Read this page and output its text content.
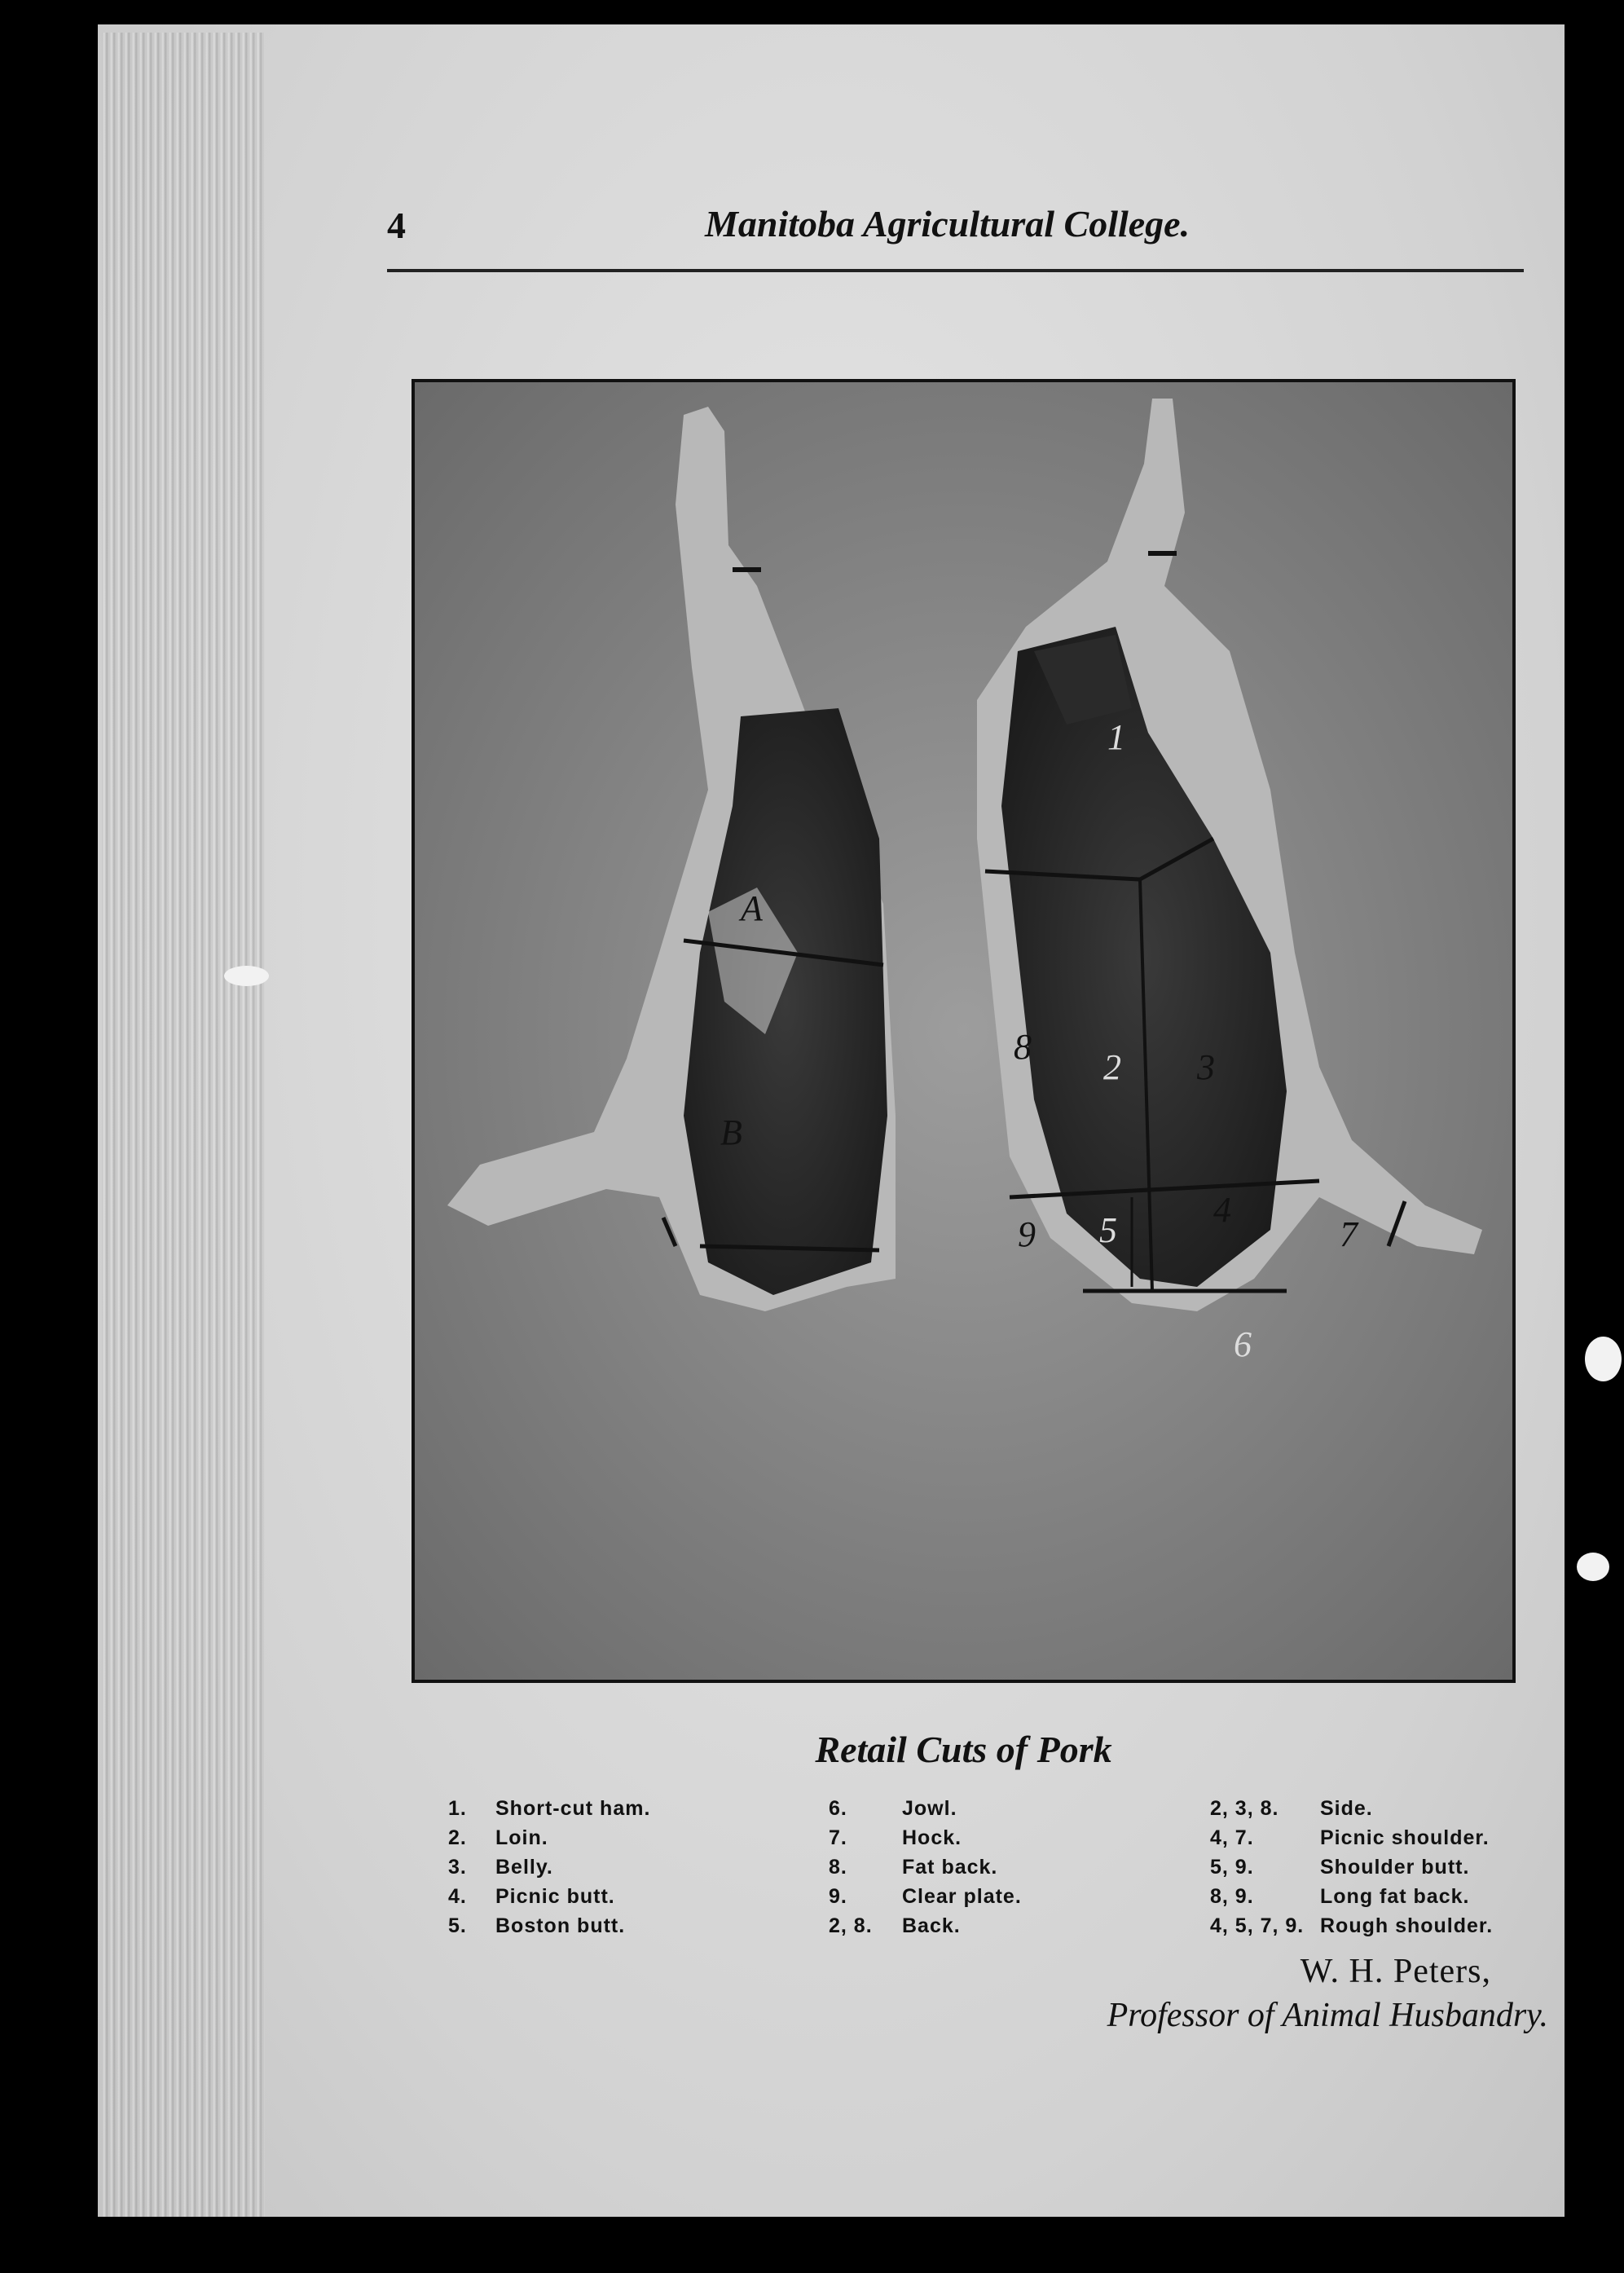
4	Manitoba Agricultural College.
A
B
1
2 3
4
5
6
7
8
9
Retail Cuts of Pork
1. Short-cut ham.
2. Loin.
3. Belly.
4. Picnic butt.
5. Boston butt.
6.	Jowl.
7.	Hock.
8.	Fat back.
9.	Clear plate.
2, 8. Back.
2, 3, 8. Side.
4, 7.	Picnic shoulder.
5, 9.	Shoulder butt.
8, 9.	Long fat back.
4, 5, 7, 9. Rough shoulder.
W. H. Peters,
Professor of Animal Husbandry.
